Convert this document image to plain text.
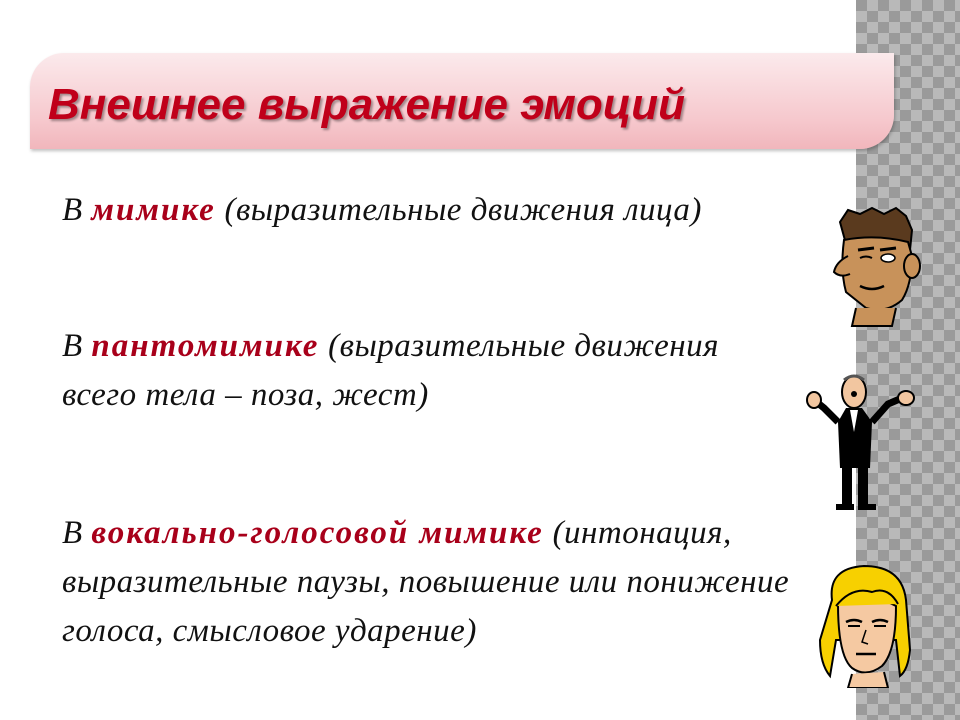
Внешнее выражение эмоций
В мимике (выразительные движения лица)
В пантомимике (выразительные движения
всего тела – поза, жест)
В вокально-голосовой мимике (интонация,
выразительные паузы, повышение или понижение
голоса, смысловое ударение)
